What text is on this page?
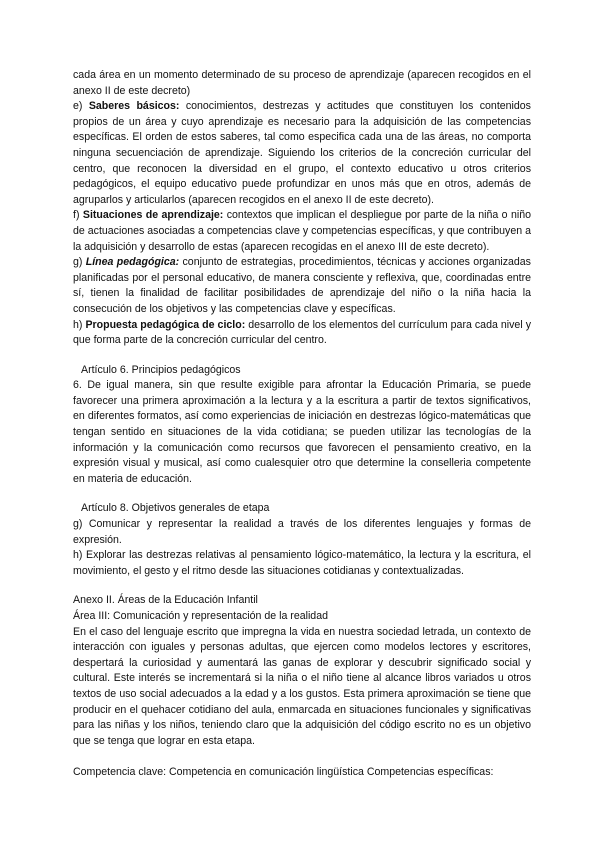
cada área en un momento determinado de su proceso de aprendizaje (aparecen recogidos en el anexo II de este decreto)

e) Saberes básicos: conocimientos, destrezas y actitudes que constituyen los contenidos propios de un área y cuyo aprendizaje es necesario para la adquisición de las competencias específicas. El orden de estos saberes, tal como especifica cada una de las áreas, no comporta ninguna secuenciación de aprendizaje. Siguiendo los criterios de la concreción curricular del centro, que reconocen la diversidad en el grupo, el contexto educativo u otros criterios pedagógicos, el equipo educativo puede profundizar en unos más que en otros, además de agruparlos y articularlos (aparecen recogidos en el anexo II de este decreto).

f) Situaciones de aprendizaje: contextos que implican el despliegue por parte de la niña o niño de actuaciones asociadas a competencias clave y competencias específicas, y que contribuyen a la adquisición y desarrollo de estas (aparecen recogidas en el anexo III de este decreto).

g) Línea pedagógica: conjunto de estrategias, procedimientos, técnicas y acciones organizadas planificadas por el personal educativo, de manera consciente y reflexiva, que, coordinadas entre sí, tienen la finalidad de facilitar posibilidades de aprendizaje del niño o la niña hacia la consecución de los objetivos y las competencias clave y específicas.

h) Propuesta pedagógica de ciclo: desarrollo de los elementos del currículum para cada nivel y que forma parte de la concreción curricular del centro.

Artículo 6. Principios pedagógicos

6. De igual manera, sin que resulte exigible para afrontar la Educación Primaria, se puede favorecer una primera aproximación a la lectura y a la escritura a partir de textos significativos, en diferentes formatos, así como experiencias de iniciación en destrezas lógico-matemáticas que tengan sentido en situaciones de la vida cotidiana; se pueden utilizar las tecnologías de la información y la comunicación como recursos que favorecen el pensamiento creativo, en la expresión visual y musical, así como cualesquier otro que determine la conselleria competente en materia de educación.

Artículo 8. Objetivos generales de etapa

g) Comunicar y representar la realidad a través de los diferentes lenguajes y formas de expresión.

h) Explorar las destrezas relativas al pensamiento lógico-matemático, la lectura y la escritura, el movimiento, el gesto y el ritmo desde las situaciones cotidianas y contextualizadas.

Anexo II. Áreas de la Educación Infantil

Área III: Comunicación y representación de la realidad

En el caso del lenguaje escrito que impregna la vida en nuestra sociedad letrada, un contexto de interacción con iguales y personas adultas, que ejercen como modelos lectores y escritores, despertará la curiosidad y aumentará las ganas de explorar y descubrir significado social y cultural. Este interés se incrementará si la niña o el niño tiene al alcance libros variados u otros textos de uso social adecuados a la edad y a los gustos. Esta primera aproximación se tiene que producir en el quehacer cotidiano del aula, enmarcada en situaciones funcionales y significativas para las niñas y los niños, teniendo claro que la adquisición del código escrito no es un objetivo que se tenga que lograr en esta etapa.

Competencia clave: Competencia en comunicación lingüística Competencias específicas:
